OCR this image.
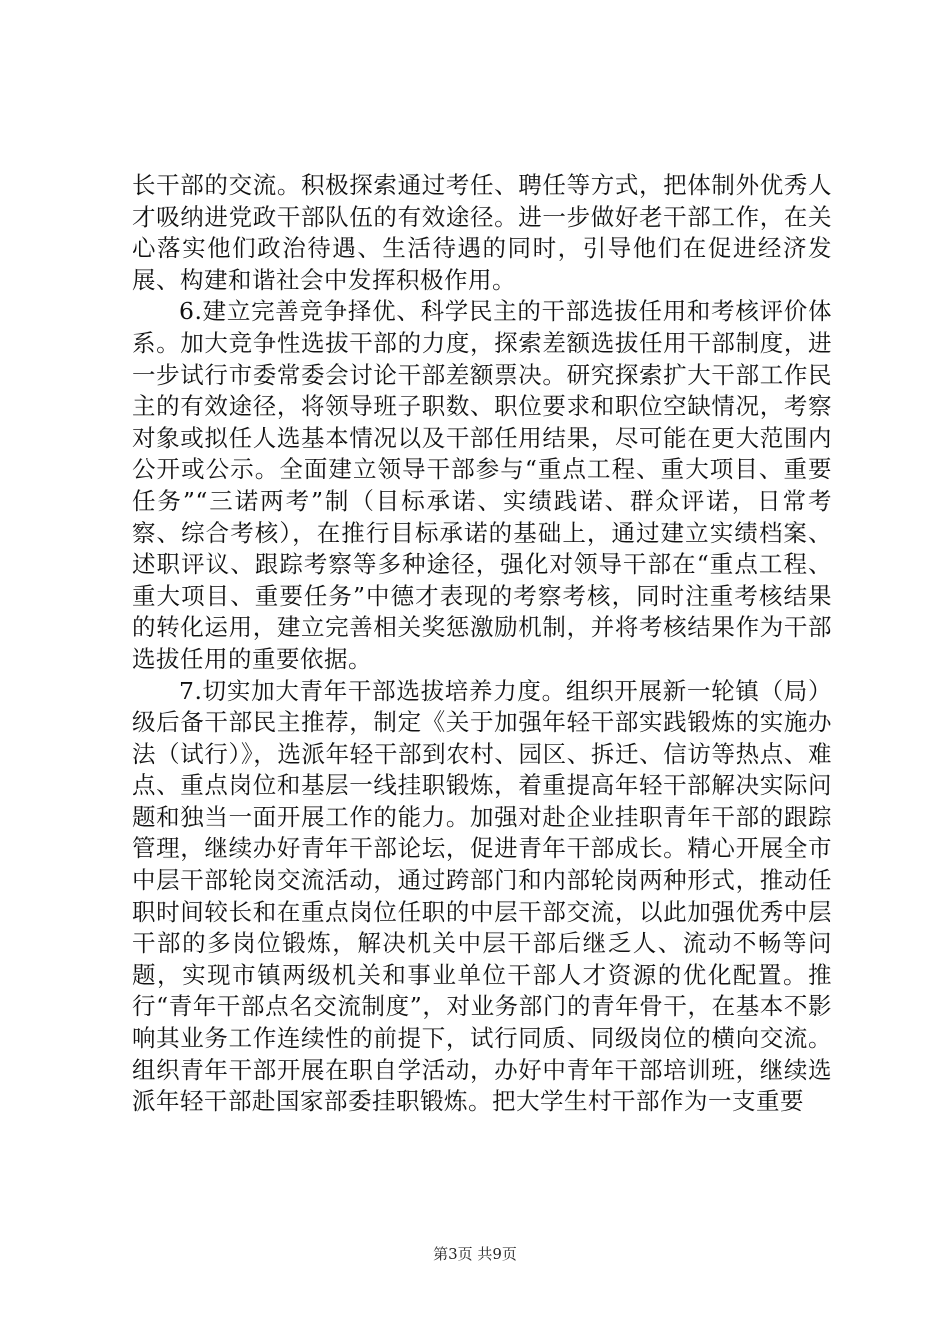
长干部的交流。积极探索通过考任、聘任等方式，把体制外优秀人才吸纳进党政干部队伍的有效途径。进一步做好老干部工作，在关心落实他们政治待遇、生活待遇的同时，引导他们在促进经济发展、构建和谐社会中发挥积极作用。

6.建立完善竞争择优、科学民主的干部选拔任用和考核评价体系。加大竞争性选拔干部的力度，探索差额选拔任用干部制度，进一步试行市委常委会讨论干部差额票决。研究探索扩大干部工作民主的有效途径，将领导班子职数、职位要求和职位空缺情况，考察对象或拟任人选基本情况以及干部任用结果，尽可能在更大范围内公开或公示。全面建立领导干部参与“重点工程、重大项目、重要任务”“三诺两考”制（目标承诺、实绩践诺、群众评诺，日常考察、综合考核），在推行目标承诺的基础上，通过建立实绩档案、述职评议、跟踪考察等多种途径，强化对领导干部在“重点工程、重大项目、重要任务”中德才表现的考察考核，同时注重考核结果的转化运用，建立完善相关奖惩激励机制，并将考核结果作为干部选拔任用的重要依据。

7.切实加大青年干部选拔培养力度。组织开展新一轮镇（局）级后备干部民主推荐，制定《关于加强年轻干部实践锻炼的实施办法（试行）》，选派年轻干部到农村、园区、拆迁、信访等热点、难点、重点岗位和基层一线挂职锻炼，着重提高年轻干部解决实际问题和独当一面开展工作的能力。加强对赴企业挂职青年干部的跟踪管理，继续办好青年干部论坛，促进青年干部成长。精心开展全市中层干部轮岗交流活动，通过跨部门和内部轮岗两种形式，推动任职时间较长和在重点岗位任职的中层干部交流，以此加强优秀中层干部的多岗位锻炼，解决机关中层干部后继乏人、流动不畅等问题，实现市镇两级机关和事业单位干部人才资源的优化配置。推行“青年干部点名交流制度”，对业务部门的青年骨干，在基本不影响其业务工作连续性的前提下，试行同质、同级岗位的横向交流。组织青年干部开展在职自学活动，办好中青年干部培训班，继续选派年轻干部赴国家部委挂职锻炼。把大学生村干部作为一支重要

第3页 共9页
